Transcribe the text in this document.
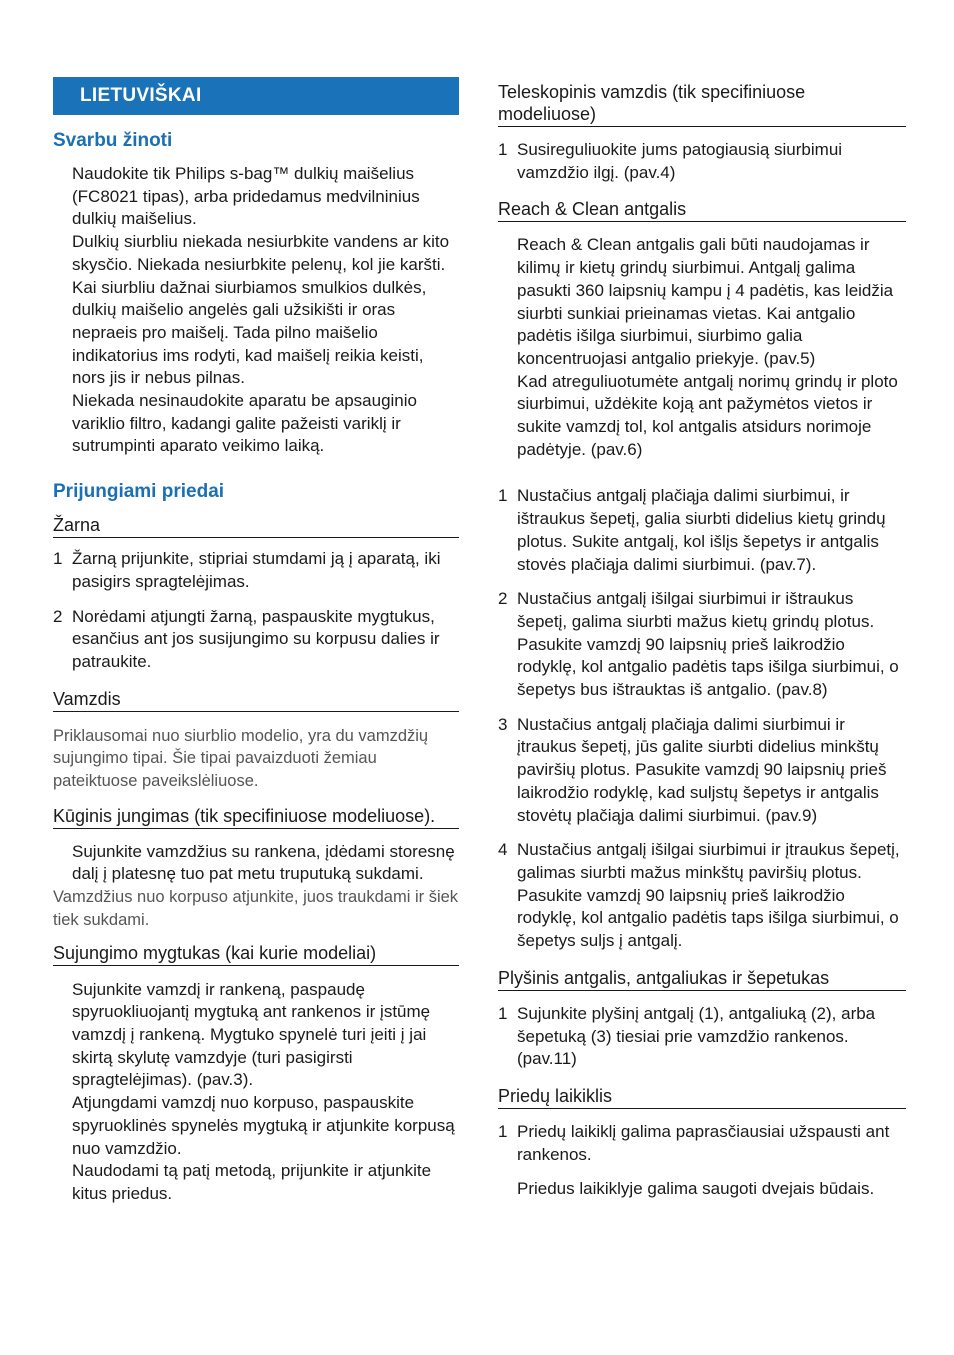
LIETUVIŠKAI
Svarbu žinoti

Naudokite tik Philips s-bag™ dulkių maišelius (FC8021 tipas), arba pridedamus medvilninius dulkių maišelius.

Dulkių siurbliu niekada nesiurbkite vandens ar kito skysčio. Niekada nesiurbkite pelenų, kol jie karšti.

Kai siurbliu dažnai siurbiamos smulkios dulkės, dulkių maišelio angelės gali užsikišti ir oras nepraeis pro maišelį. Tada pilno maišelio indikatorius ims rodyti, kad maišelį reikia keisti, nors jis ir nebus pilnas.

Niekada nesinaudokite aparatu be apsauginio variklio filtro, kadangi galite pažeisti variklį ir sutrumpinti aparato veikimo laiką.

Prijungiami priedai

Žarna

1 Žarną prijunkite, stipriai stumdami ją į aparatą, iki pasigirs spragtelėjimas.
2 Norėdami atjungti žarną, paspauskite mygtukus, esančius ant jos susijungimo su korpusu dalies ir patraukite.

Vamzdis

Priklausomai nuo siurblio modelio, yra du vamzdžių sujungimo tipai. Šie tipai pavaizduoti žemiau pateiktuose paveikslėliuose.

Kūginis jungimas (tik specifiniuose modeliuose).

Sujunkite vamzdžius su rankena, įdėdami storesnę dalį į platesnę tuo pat metu truputuką sukdami.

Vamzdžius nuo korpuso atjunkite, juos traukdami ir šiek tiek sukdami.

Sujungimo mygtukas (kai kurie modeliai)

Sujunkite vamzdį ir rankeną, paspaudę spyruokliuojantį mygtuką ant rankenos ir įstūmę vamzdį į rankeną. Mygtuko spynelė turi įeiti į jai skirtą skylutę vamzdyje (turi pasigirsti spragtelėjimas). (pav.3).

Atjungdami vamzdį nuo korpuso, paspauskite spyruoklinės spynelės mygtuką ir atjunkite korpusą nuo vamzdžio.

Naudodami tą patį metodą, prijunkite ir atjunkite kitus priedus.

Teleskopinis vamzdis (tik specifiniuose modeliuose)

1 Susireguliuokite jums patogiausią siurbimui vamzdžio ilgį. (pav.4)

Reach & Clean antgalis

Reach & Clean antgalis gali būti naudojamas ir kilimų ir kietų grindų siurbimui. Antgalį galima pasukti 360 laipsnių kampu į 4 padėtis, kas leidžia siurbti sunkiai prieinamas vietas. Kai antgalio padėtis išilga siurbimui, siurbimo galia koncentruojasi antgalio priekyje. (pav.5)

Kad atreguliuotumėte antgalį norimų grindų ir ploto siurbimui, uždėkite koją ant pažymėtos vietos ir sukite vamzdį tol, kol antgalis atsidurs norimoje padėtyje. (pav.6)

1 Nustačius antgalį plačiąja dalimi siurbimui, ir ištraukus šepetį, galia siurbti didelius kietų grindų plotus. Sukite antgalį, kol išlįs šepetys ir antgalis stovės plačiąja dalimi siurbimui. (pav.7).
2 Nustačius antgalį išilgai siurbimui ir ištraukus šepetį, galima siurbti mažus kietų grindų plotus. Pasukite vamzdį 90 laipsnių prieš laikrodžio rodyklę, kol antgalio padėtis taps išilga siurbimui, o šepetys bus ištrauktas iš antgalio. (pav.8)
3 Nustačius antgalį plačiąja dalimi siurbimui ir įtraukus šepetį, jūs galite siurbti didelius minkštų paviršių plotus. Pasukite vamzdį 90 laipsnių prieš laikrodžio rodyklę, kad suljstų šepetys ir antgalis stovėtų plačiąja dalimi siurbimui. (pav.9)
4 Nustačius antgalį išilgai siurbimui ir įtraukus šepetį, galimas siurbti mažus minkštų paviršių plotus. Pasukite vamzdį 90 laipsnių prieš laikrodžio rodyklę, kol antgalio padėtis taps išilga siurbimui, o šepetys suljs į antgalį.

Plyšinis antgalis, antgaliukas ir šepetukas

1 Sujunkite plyšinį antgalį (1), antgaliuką (2), arba šepetuką (3) tiesiai prie vamzdžio rankenos. (pav.11)

Priedų laikiklis

1 Priedų laikiklį galima paprasčiausiai užspausti ant rankenos.

Priedus laikiklyje galima saugoti dvejais būdais.
